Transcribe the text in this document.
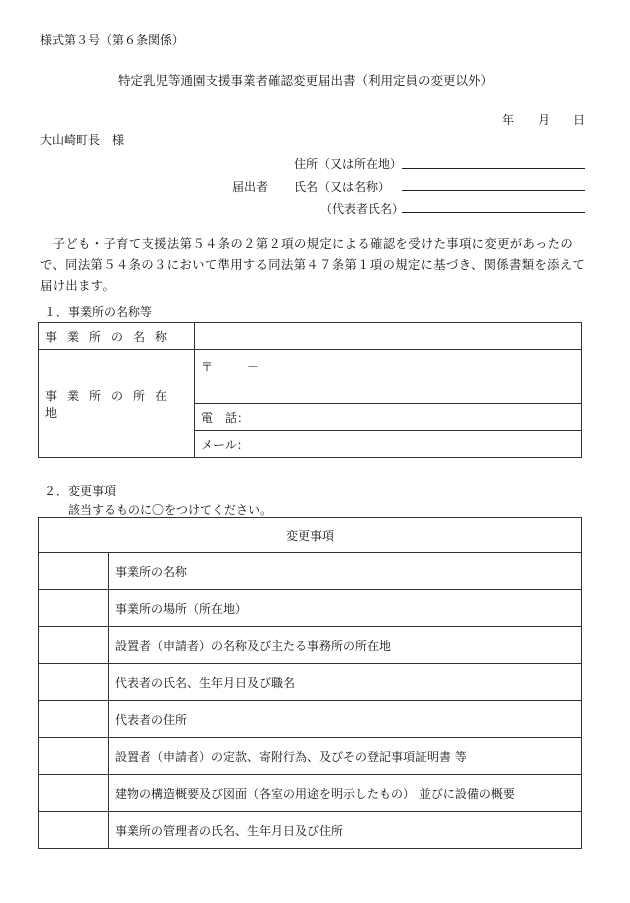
様式第３号（第６条関係）
特定乳児等通園支援事業者確認変更届出書（利用定員の変更以外）
年 月 日
大山崎町長　様
住所（又は所在地）
届出者 氏名（又は名称）
（代表者氏名）
　子ども・子育て支援法第５４条の２第２項の規定による確認を受けた事項に変更があったので、同法第５４条の３において準用する同法第４７条第１項の規定に基づき、関係書類を添えて届け出ます。
１．事業所の名称等
事業所の名称	
事業所の所在地	〒 －
	電　話：
	メール：
２．変更事項
該当するものに〇をつけてください。
変更事項	
	事業所の名称
	事業所の場所（所在地）
	設置者（申請者）の名称及び主たる事務所の所在地
	代表者の氏名、生年月日及び職名
	代表者の住所
	設置者（申請者）の定款、寄附行為、及びその登記事項証明書 等
	建物の構造概要及び図面（各室の用途を明示したもの） 並びに設備の概要
	事業所の管理者の氏名、生年月日及び住所
